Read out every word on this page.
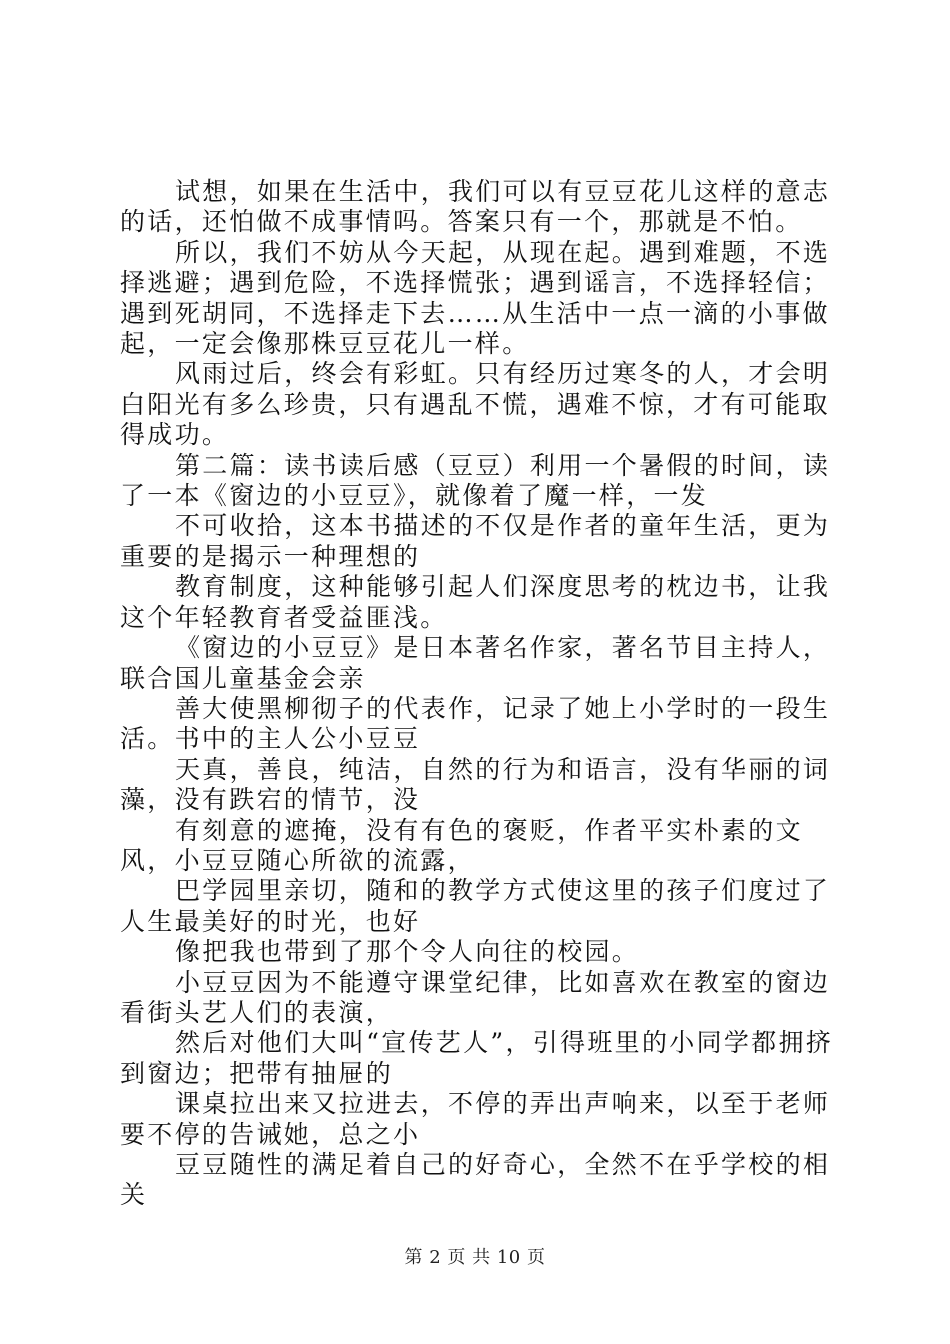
试想，如果在生活中，我们可以有豆豆花儿这样的意志的话，还怕做不成事情吗。答案只有一个，那就是不怕。

所以，我们不妨从今天起，从现在起。遇到难题，不选择逃避；遇到危险，不选择慌张；遇到谣言，不选择轻信；遇到死胡同，不选择走下去……从生活中一点一滴的小事做起，一定会像那株豆豆花儿一样。

风雨过后，终会有彩虹。只有经历过寒冬的人，才会明白阳光有多么珍贵，只有遇乱不慌，遇难不惊，才有可能取得成功。

第二篇：读书读后感（豆豆）利用一个暑假的时间，读了一本《窗边的小豆豆》，就像着了魔一样，一发

不可收拾，这本书描述的不仅是作者的童年生活，更为重要的是揭示一种理想的

教育制度，这种能够引起人们深度思考的枕边书，让我这个年轻教育者受益匪浅。

《窗边的小豆豆》是日本著名作家，著名节目主持人，联合国儿童基金会亲

善大使黑柳彻子的代表作，记录了她上小学时的一段生活。书中的主人公小豆豆

天真，善良，纯洁，自然的行为和语言，没有华丽的词藻，没有跌宕的情节，没

有刻意的遮掩，没有有色的褒贬，作者平实朴素的文风，小豆豆随心所欲的流露，

巴学园里亲切，随和的教学方式使这里的孩子们度过了人生最美好的时光，也好

像把我也带到了那个令人向往的校园。

小豆豆因为不能遵守课堂纪律，比如喜欢在教室的窗边看街头艺人们的表演，

然后对他们大叫“宣传艺人”，引得班里的小同学都拥挤到窗边；把带有抽屉的

课桌拉出来又拉进去，不停的弄出声响来，以至于老师要不停的告诫她，总之小

豆豆随性的满足着自己的好奇心，全然不在乎学校的相关

第 2 页 共 10 页
